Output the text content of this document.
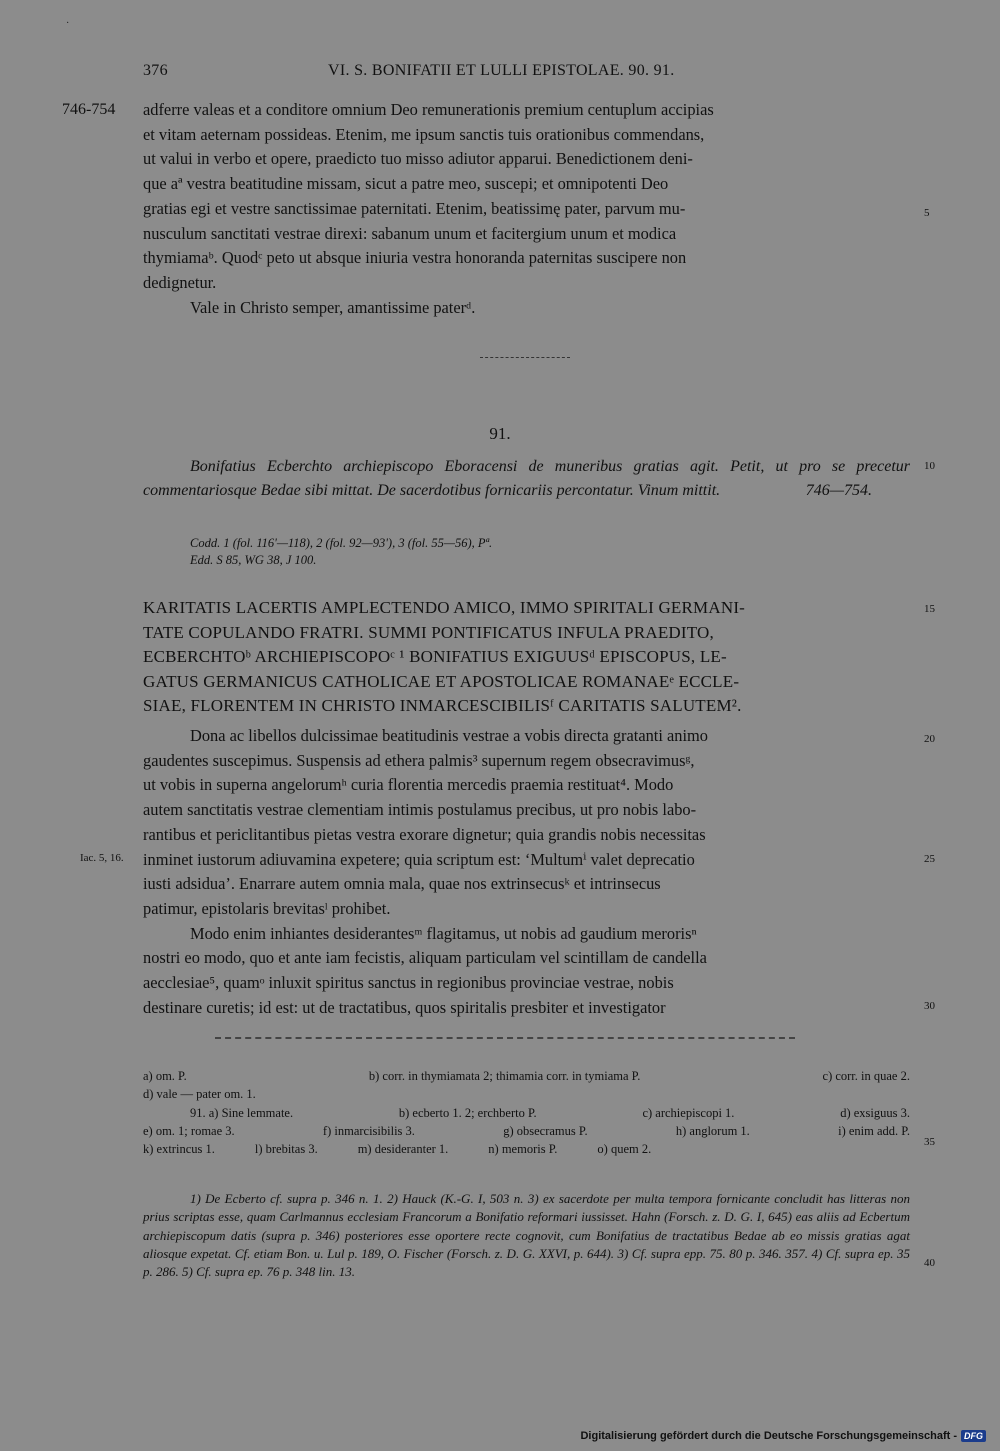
·
376	VI. S. BONIFATII ET LULLI EPISTOLAE. 90. 91.
746-754 adferre valeas et a conditore omnium Deo remunerationis premium centuplum accipias
et vitam aeternam possideas. Etenim, me ipsum sanctis tuis orationibus commendans,
ut valui in verbo et opere, praedicto tuo misso adiutor apparui. Benedictionem deni-
que aª vestra beatitudine missam, sicut a patre meo, suscepi; et omnipotenti Deo
gratias egi et vestre sanctissimae paternitati. Etenim, beatissimę pater, parvum mu-
nusculum sanctitati vestrae direxi: sabanum unum et facitergium unum et modica
thymiamaᵇ. Quodᶜ peto ut absque iniuria vestra honoranda paternitas suscipere non
dedignetur.
Vale in Christo semper, amantissime paterᵈ.
5
91.
Bonifatius Ecberchto archiepiscopo Eboracensi de muneribus gratias agit. Petit, ut pro se precetur commentariosque Bedae sibi mittat. De sacerdotibus fornicariis percontatur. Vinum mittit.	746—754.
10
Codd. 1 (fol. 116'—118), 2 (fol. 92—93'), 3 (fol. 55—56), Pª.
Edd. S 85, WG 38, J 100.
KARITATIS LACERTIS AMPLECTENDO AMICO, IMMO SPIRITALI GERMANI-
TATE COPULANDO FRATRI. SUMMI PONTIFICATUS INFULA PRAEDITO,
ECBERCHTOᵇ ARCHIEPISCOPOᶜ ¹ BONIFATIUS EXIGUUSᵈ EPISCOPUS, LE-
GATUS GERMANICUS CATHOLICAE ET APOSTOLICAE ROMANAEᵉ ECCLE-
SIAE, FLORENTEM IN CHRISTO INMARCESCIBILISᶠ CARITATIS SALUTEM².
15
Dona ac libellos dulcissimae beatitudinis vestrae a vobis directa gratanti animo
gaudentes suscepimus. Suspensis ad ethera palmis³ supernum regem obsecravimusᵍ,
ut vobis in superna angelorumʰ curia florentia mercedis praemia restituat⁴. Modo
autem sanctitatis vestrae clementiam intimis postulamus precibus, ut pro nobis labo-
rantibus et periclitantibus pietas vestra exorare dignetur; quia grandis nobis necessitas
inminet iustorum adiuvamina expetere; quia scriptum est: ‘Multumⁱ valet deprecatio
iusti adsidua’. Enarrare autem omnia mala, quae nos extrinsecusᵏ et intrinsecus
patimur, epistolaris brevitasˡ prohibet.
Modo enim inhiantes desiderantesᵐ flagitamus, ut nobis ad gaudium merorisⁿ
nostri eo modo, quo et ante iam fecistis, aliquam particulam vel scintillam de candella
aecclesiae⁵, quamᵒ inluxit spiritus sanctus in regionibus provinciae vestrae, nobis
destinare curetis; id est: ut de tractatibus, quos spiritalis presbiter et investigator
Iac. 5, 16.
20
25
30
a) om. P.	b) corr. in thymiamata 2; thimamia corr. in tymiama P.	c) corr. in quae 2.
d) vale — pater om. 1.
91. a) Sine lemmate.	b) ecberto 1. 2; erchberto P.	c) archiepiscopi 1.	d) exsiguus 3.
e) om. 1; romae 3.	f) inmarcisibilis 3.	g) obsecramus P.	h) anglorum 1.	i) enim add. P.
k) extrincus 1.	l) brebitas 3.	m) desideranter 1.	n) memoris P.	o) quem 2.
35
1) De Ecberto cf. supra p. 346 n. 1. 2) Hauck (K.-G. I, 503 n. 3) ex sacerdote per multa tempora fornicante concludit has litteras non prius scriptas esse, quam Carlmannus ecclesiam Francorum a Bonifatio reformari iussisset. Hahn (Forsch. z. D. G. I, 645) eas aliis ad Ecbertum archiepiscopum datis (supra p. 346) posteriores esse oportere recte cognovit, cum Bonifatius de tractatibus Bedae ab eo missis gratias agat aliosque expetat. Cf. etiam Bon. u. Lul p. 189, O. Fischer (Forsch. z. D. G. XXVI, p. 644). 3) Cf. supra epp. 75. 80 p. 346. 357. 4) Cf. supra ep. 35 p. 286. 5) Cf. supra ep. 76 p. 348 lin. 13.
40
Digitalisierung gefördert durch die Deutsche Forschungsgemeinschaft - DFG
